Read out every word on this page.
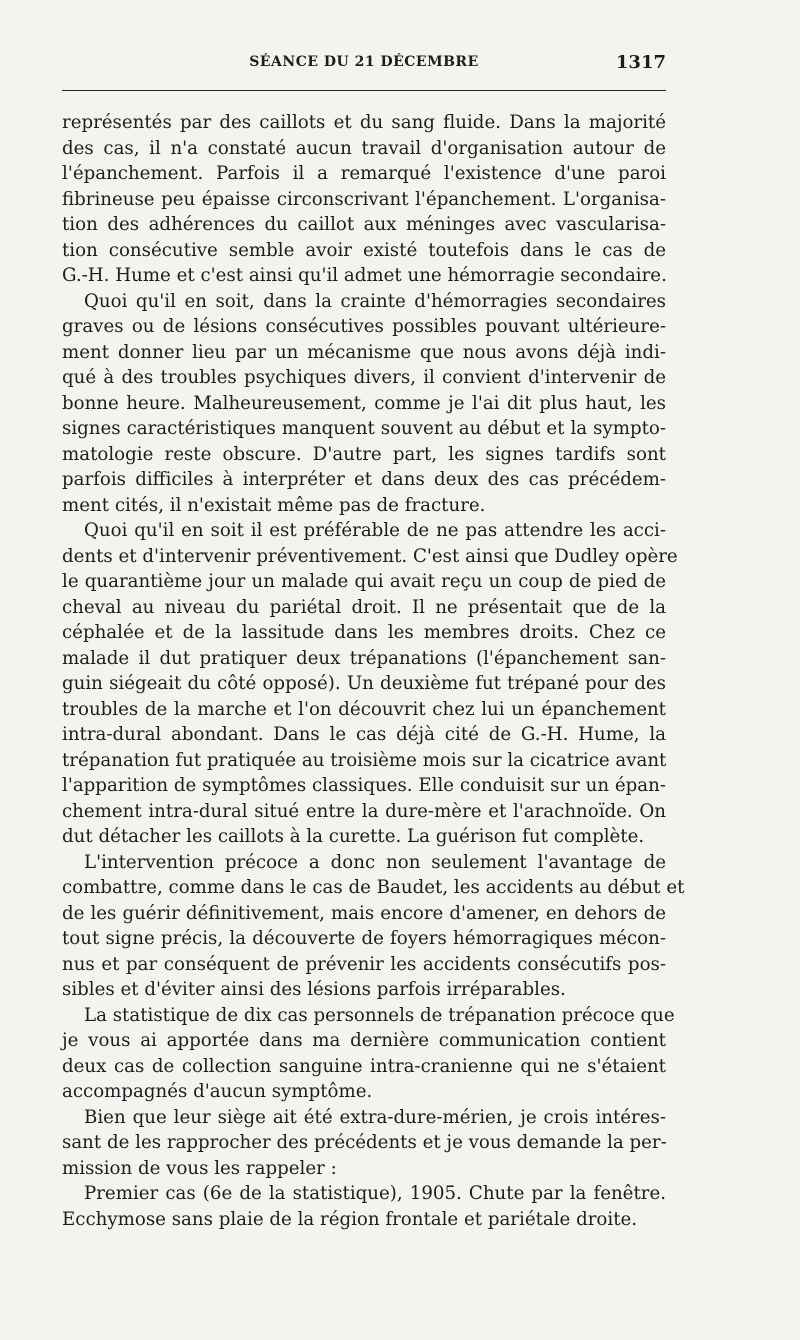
SÉANCE DU 21 DÉCEMBRE	1317

représentés par des caillots et du sang fluide. Dans la majorité
des cas, il n'a constaté aucun travail d'organisation autour de
l'épanchement. Parfois il a remarqué l'existence d'une paroi
fibrineuse peu épaisse circonscrivant l'épanchement. L'organisa-
tion des adhérences du caillot aux méninges avec vascularisa-
tion consécutive semble avoir existé toutefois dans le cas de
G.-H. Hume et c'est ainsi qu'il admet une hémorragie secondaire.

Quoi qu'il en soit, dans la crainte d'hémorragies secondaires
graves ou de lésions consécutives possibles pouvant ultérieure-
ment donner lieu par un mécanisme que nous avons déjà indi-
qué à des troubles psychiques divers, il convient d'intervenir de
bonne heure. Malheureusement, comme je l'ai dit plus haut, les
signes caractéristiques manquent souvent au début et la sympto-
matologie reste obscure. D'autre part, les signes tardifs sont
parfois difficiles à interpréter et dans deux des cas précédem-
ment cités, il n'existait même pas de fracture.

Quoi qu'il en soit il est préférable de ne pas attendre les acci-
dents et d'intervenir préventivement. C'est ainsi que Dudley opère
le quarantième jour un malade qui avait reçu un coup de pied de
cheval au niveau du pariétal droit. Il ne présentait que de la
céphalée et de la lassitude dans les membres droits. Chez ce
malade il dut pratiquer deux trépanations (l'épanchement san-
guin siégeait du côté opposé). Un deuxième fut trépané pour des
troubles de la marche et l'on découvrit chez lui un épanchement
intra-dural abondant. Dans le cas déjà cité de G.-H. Hume, la
trépanation fut pratiquée au troisième mois sur la cicatrice avant
l'apparition de symptômes classiques. Elle conduisit sur un épan-
chement intra-dural situé entre la dure-mère et l'arachnoïde. On
dut détacher les caillots à la curette. La guérison fut complète.

L'intervention précoce a donc non seulement l'avantage de
combattre, comme dans le cas de Baudet, les accidents au début et
de les guérir définitivement, mais encore d'amener, en dehors de
tout signe précis, la découverte de foyers hémorragiques mécon-
nus et par conséquent de prévenir les accidents consécutifs pos-
sibles et d'éviter ainsi des lésions parfois irréparables.

La statistique de dix cas personnels de trépanation précoce que
je vous ai apportée dans ma dernière communication contient
deux cas de collection sanguine intra-cranienne qui ne s'étaient
accompagnés d'aucun symptôme.

Bien que leur siège ait été extra-dure-mérien, je crois intéres-
sant de les rapprocher des précédents et je vous demande la per-
mission de vous les rappeler :

Premier cas (6e de la statistique), 1905. Chute par la fenêtre.
Ecchymose sans plaie de la région frontale et pariétale droite.
